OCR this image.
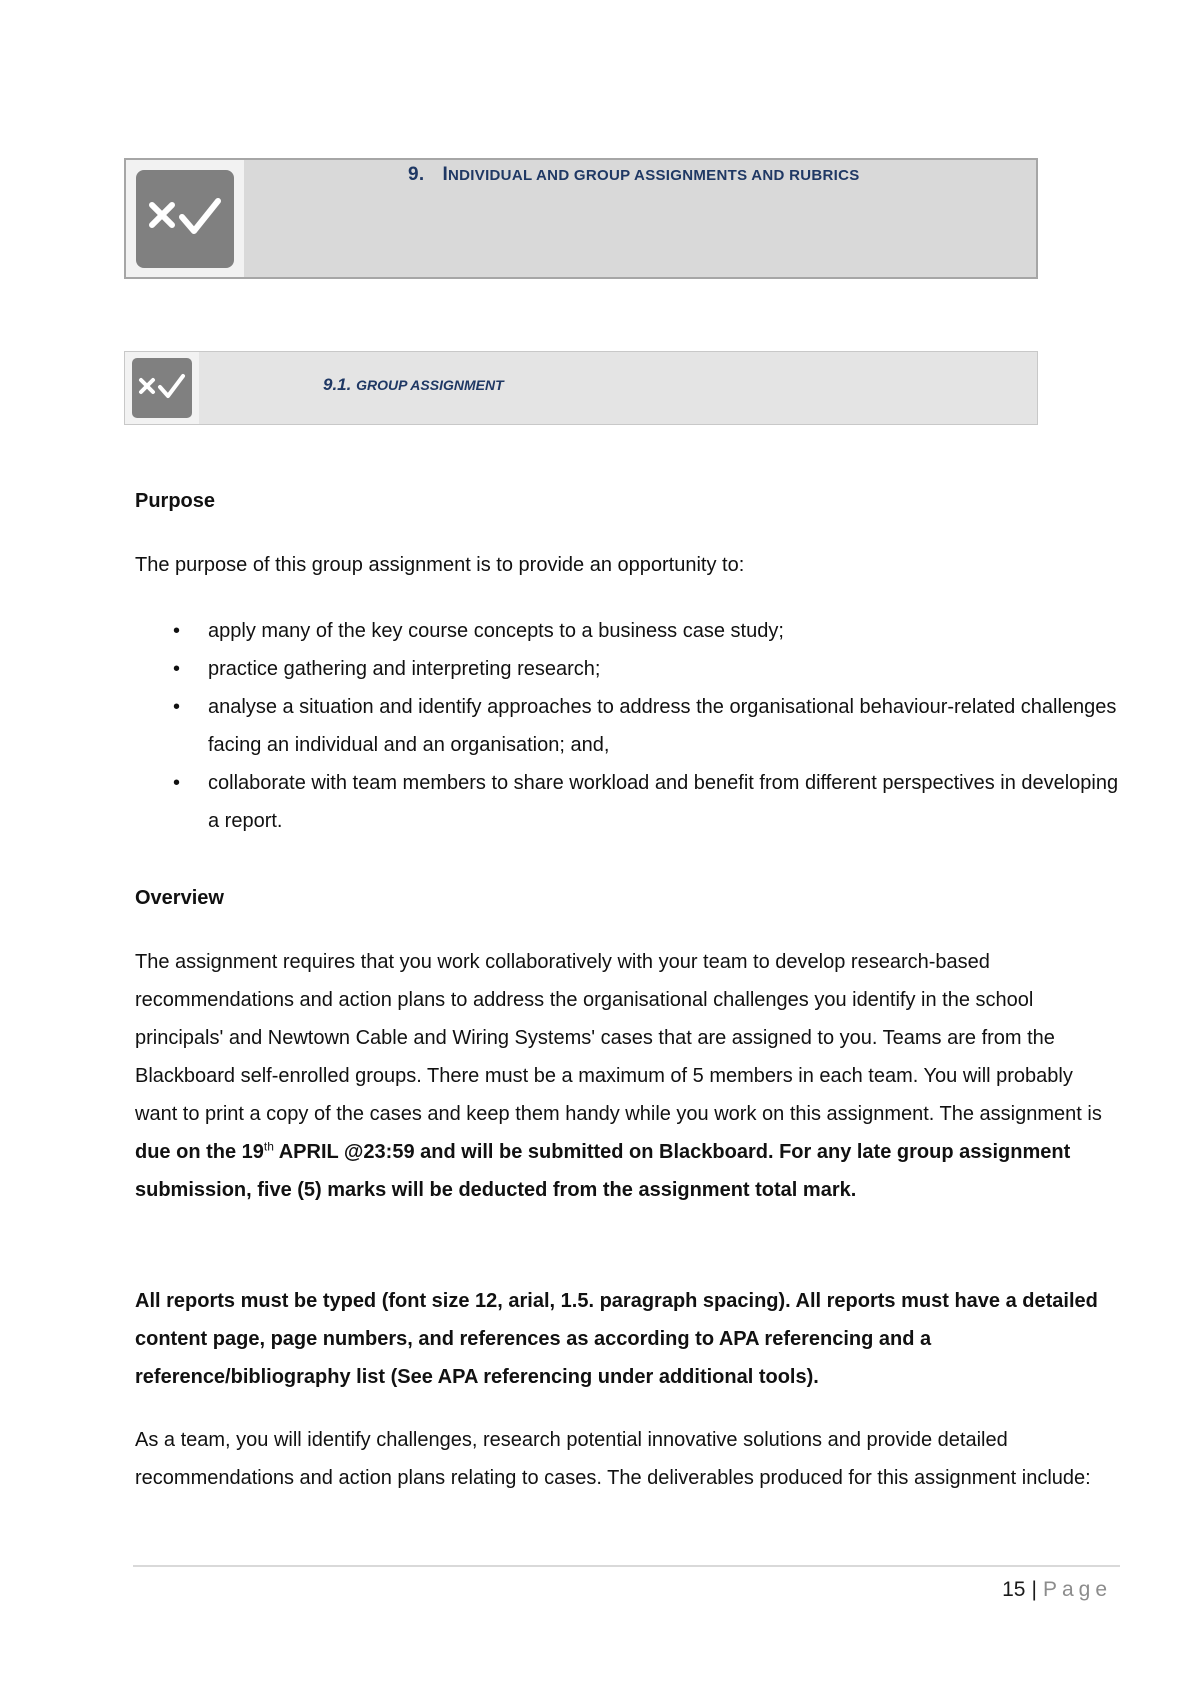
9. INDIVIDUAL AND GROUP ASSIGNMENTS AND RUBRICS
9.1. GROUP ASSIGNMENT
Purpose
The purpose of this group assignment is to provide an opportunity to:
• apply many of the key course concepts to a business case study;
• practice gathering and interpreting research;
• analyse a situation and identify approaches to address the organisational behaviour-related challenges facing an individual and an organisation; and,
• collaborate with team members to share workload and benefit from different perspectives in developing a report.
Overview
The assignment requires that you work collaboratively with your team to develop research-based recommendations and action plans to address the organisational challenges you identify in the school principals' and Newtown Cable and Wiring Systems' cases that are assigned to you. Teams are from the Blackboard self-enrolled groups. There must be a maximum of 5 members in each team. You will probably want to print a copy of the cases and keep them handy while you work on this assignment. The assignment is due on the 19th APRIL @23:59 and will be submitted on Blackboard. For any late group assignment submission, five (5) marks will be deducted from the assignment total mark.
All reports must be typed (font size 12, arial, 1.5. paragraph spacing). All reports must have a detailed content page, page numbers, and references as according to APA referencing and a reference/bibliography list (See APA referencing under additional tools).
As a team, you will identify challenges, research potential innovative solutions and provide detailed recommendations and action plans relating to cases. The deliverables produced for this assignment include:
15 | Page
